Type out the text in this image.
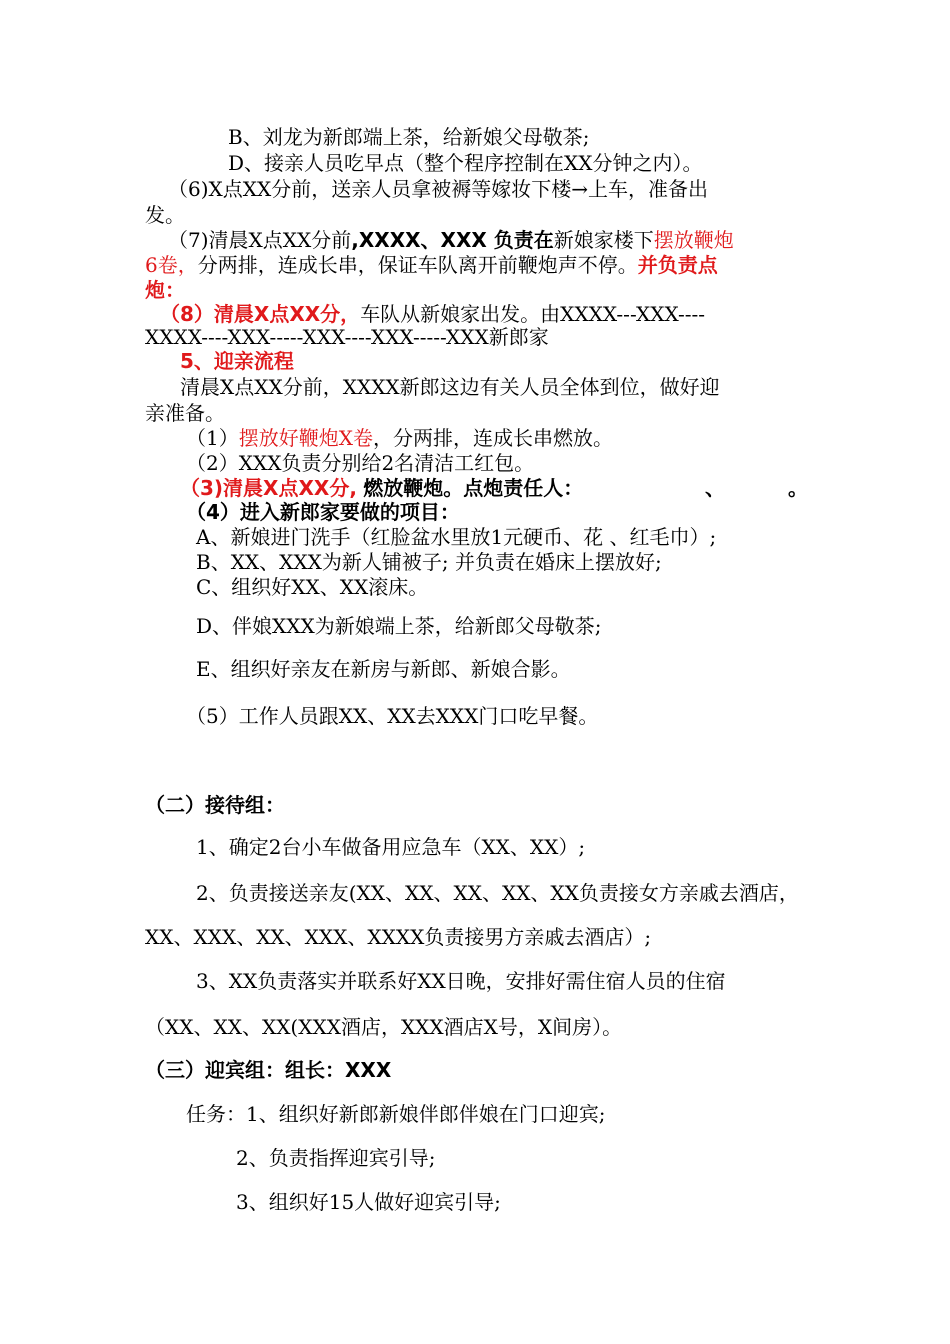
B、刘龙为新郎端上茶，给新娘父母敬茶;
D、接亲人员吃早点（整个程序控制在XX分钟之内）。
（6)X点XX分前，送亲人员拿被褥等嫁妆下楼→上车，准备出
发。
（7)清晨X点XX分前,XXXX、XXX 负责在新娘家楼下摆放鞭炮
6卷，分两排，连成长串，保证车队离开前鞭炮声不停。并负责点
炮：
（8）清晨X点XX分，车队从新娘家出发。由XXXX---XXX----
XXXX----XXX-----XXX----XXX-----XXX新郎家
5、迎亲流程
清晨X点XX分前，XXXX新郎这边有关人员全体到位，做好迎
亲准备。
（1）摆放好鞭炮X卷，分两排，连成长串燃放。
（2）XXX负责分别给2名清洁工红包。
（3)清晨X点XX分, 燃放鞭炮。点炮责任人：	、	。
（4）进入新郎家要做的项目：
A、新娘进门洗手（红脸盆水里放1元硬币、花 、红毛巾）;
B、XX、XXX为新人铺被子; 并负责在婚床上摆放好;
C、组织好XX、XX滚床。
D、伴娘XXX为新娘端上茶，给新郎父母敬茶;
E、组织好亲友在新房与新郎、新娘合影。
（5）工作人员跟XX、XX去XXX门口吃早餐。
（二）接待组：
1、确定2台小车做备用应急车（XX、XX）;
2、负责接送亲友(XX、XX、XX、XX、XX负责接女方亲戚去酒店，
XX、XXX、XX、XXX、XXXX负责接男方亲戚去酒店）;
3、XX负责落实并联系好XX日晚，安排好需住宿人员的住宿
（XX、XX、XX(XXX酒店，XXX酒店X号，X间房）。
（三）迎宾组：组长：XXX
任务：1、组织好新郎新娘伴郎伴娘在门口迎宾;
2、负责指挥迎宾引导;
3、组织好15人做好迎宾引导;
